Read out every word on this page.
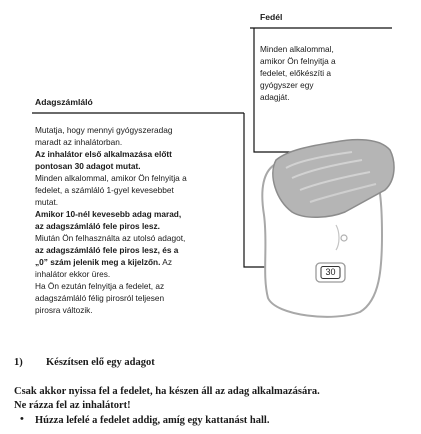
30
Fedél
Minden alkalommal,
amikor Ön felnyitja a
fedelet, előkészíti a
gyógyszer egy
adagját.
Adagszámláló
Mutatja, hogy mennyi gyógyszeradag
maradt az inhalátorban.
Az inhalátor első alkalmazása előtt
pontosan 30 adagot mutat.
Minden alkalommal, amikor Ön felnyitja a
fedelet, a számláló 1-gyel kevesebbet
mutat.
Amikor 10-nél kevesebb adag marad,
az adagszámláló fele piros lesz.
Miután Ön felhasználta az utolsó adagot,
az adagszámláló fele piros lesz, és a
„0” szám jelenik meg a kijelzőn. Az
inhalátor ekkor üres.
Ha Ön ezután felnyitja a fedelet, az
adagszámláló félig pirosról teljesen
pirosra változik.
1) Készítsen elő egy adagot
Csak akkor nyissa fel a fedelet, ha készen áll az adag alkalmazására.
Ne rázza fel az inhalátort!
• Húzza lefelé a fedelet addig, amíg egy kattanást hall.
